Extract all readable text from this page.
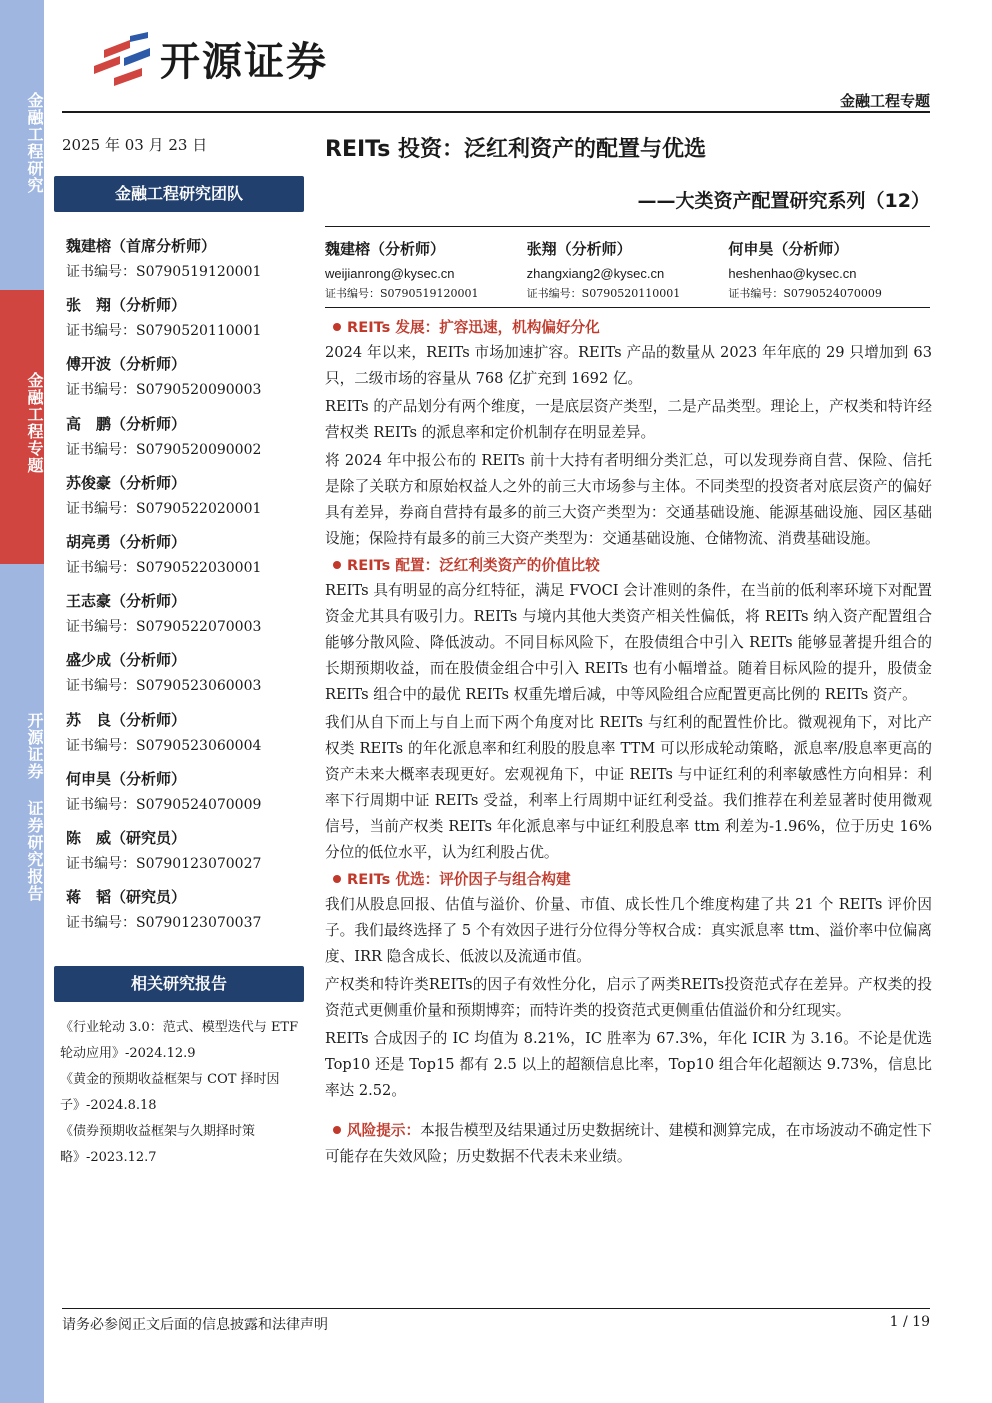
金融工程研究
金融工程专题
开源证券 证券研究报告
开源证券
金融工程专题
2025 年 03 月 23 日
金融工程研究团队
魏建榕（首席分析师）
证书编号：S0790519120001
张　翔（分析师）
证书编号：S0790520110001
傅开波（分析师）
证书编号：S0790520090003
高　鹏（分析师）
证书编号：S0790520090002
苏俊豪（分析师）
证书编号：S0790522020001
胡亮勇（分析师）
证书编号：S0790522030001
王志豪（分析师）
证书编号：S0790522070003
盛少成（分析师）
证书编号：S0790523060003
苏　良（分析师）
证书编号：S0790523060004
何申昊（分析师）
证书编号：S0790524070009
陈　威（研究员）
证书编号：S0790123070027
蒋　韬（研究员）
证书编号：S0790123070037
相关研究报告
《行业轮动 3.0：范式、模型迭代与 ETF 轮动应用》-2024.12.9
《黄金的预期收益框架与 COT 择时因子》-2024.8.18
《债券预期收益框架与久期择时策略》-2023.12.7
REITs 投资：泛红利资产的配置与优选
——大类资产配置研究系列（12）
魏建榕（分析师）
weijianrong@kysec.cn
证书编号：S0790519120001
张翔（分析师）
zhangxiang2@kysec.cn
证书编号：S0790520110001
何申昊（分析师）
heshenhao@kysec.cn
证书编号：S0790524070009
REITs 发展：扩容迅速，机构偏好分化
2024 年以来，REITs 市场加速扩容。REITs 产品的数量从 2023 年年底的 29 只增加到 63 只，二级市场的容量从 768 亿扩充到 1692 亿。
REITs 的产品划分有两个维度，一是底层资产类型，二是产品类型。理论上，产权类和特许经营权类 REITs 的派息率和定价机制存在明显差异。
将 2024 年中报公布的 REITs 前十大持有者明细分类汇总，可以发现券商自营、保险、信托是除了关联方和原始权益人之外的前三大市场参与主体。不同类型的投资者对底层资产的偏好具有差异，券商自营持有最多的前三大资产类型为：交通基础设施、能源基础设施、园区基础设施；保险持有最多的前三大资产类型为：交通基础设施、仓储物流、消费基础设施。
REITs 配置：泛红利类资产的价值比较
REITs 具有明显的高分红特征，满足 FVOCI 会计准则的条件，在当前的低利率环境下对配置资金尤其具有吸引力。REITs 与境内其他大类资产相关性偏低，将 REITs 纳入资产配置组合能够分散风险、降低波动。不同目标风险下，在股债组合中引入 REITs 能够显著提升组合的长期预期收益，而在股债金组合中引入 REITs 也有小幅增益。随着目标风险的提升，股债金 REITs 组合中的最优 REITs 权重先增后减，中等风险组合应配置更高比例的 REITs 资产。
我们从自下而上与自上而下两个角度对比 REITs 与红利的配置性价比。微观视角下，对比产权类 REITs 的年化派息率和红利股的股息率 TTM 可以形成轮动策略，派息率/股息率更高的资产未来大概率表现更好。宏观视角下，中证 REITs 与中证红利的利率敏感性方向相异：利率下行周期中证 REITs 受益，利率上行周期中证红利受益。我们推荐在利差显著时使用微观信号，当前产权类 REITs 年化派息率与中证红利股息率 ttm 利差为-1.96%，位于历史 16%分位的低位水平，认为红利股占优。
REITs 优选：评价因子与组合构建
我们从股息回报、估值与溢价、价量、市值、成长性几个维度构建了共 21 个 REITs 评价因子。我们最终选择了 5 个有效因子进行分位得分等权合成：真实派息率 ttm、溢价率中位偏离度、IRR 隐含成长、低波以及流通市值。
产权类和特许类REITs的因子有效性分化，启示了两类REITs投资范式存在差异。产权类的投资范式更侧重价量和预期博弈；而特许类的投资范式更侧重估值溢价和分红现实。
REITs 合成因子的 IC 均值为 8.21%，IC 胜率为 67.3%，年化 ICIR 为 3.16。不论是优选 Top10 还是 Top15 都有 2.5 以上的超额信息比率，Top10 组合年化超额达 9.73%，信息比率达 2.52。
风险提示：本报告模型及结果通过历史数据统计、建模和测算完成，在市场波动不确定性下可能存在失效风险；历史数据不代表未来业绩。
请务必参阅正文后面的信息披露和法律声明	1 / 19
